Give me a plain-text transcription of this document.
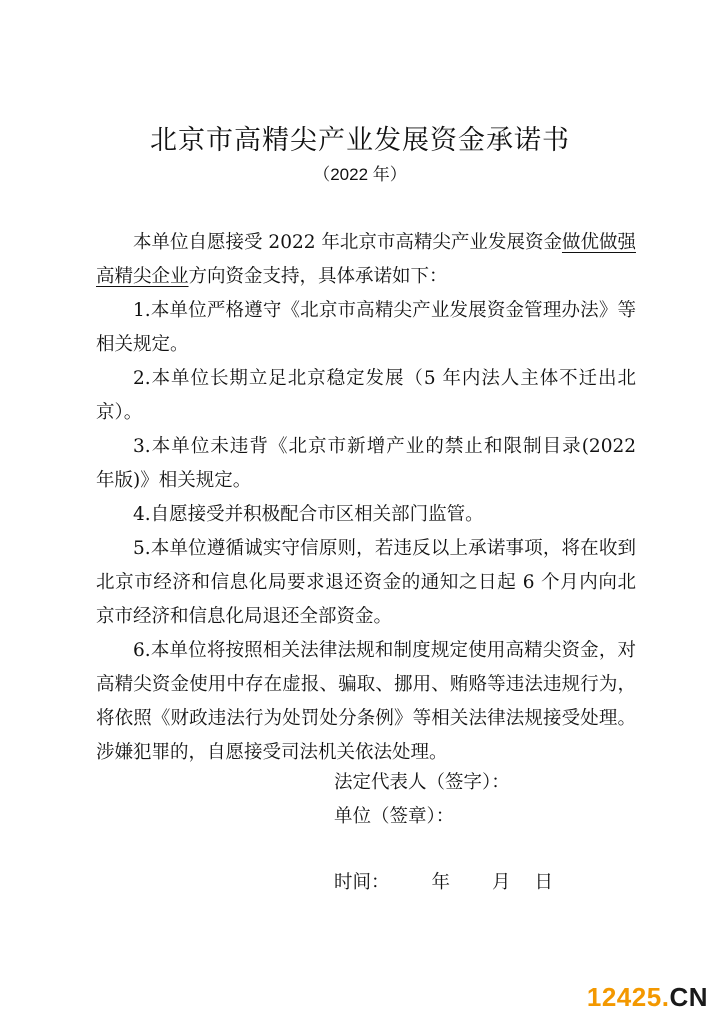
北京市高精尖产业发展资金承诺书
（2022 年）

本单位自愿接受 2022 年北京市高精尖产业发展资金做优做强高精尖企业方向资金支持，具体承诺如下：

1.本单位严格遵守《北京市高精尖产业发展资金管理办法》等相关规定。

2.本单位长期立足北京稳定发展（5 年内法人主体不迁出北京）。

3.本单位未违背《北京市新增产业的禁止和限制目录(2022 年版)》相关规定。

4.自愿接受并积极配合市区相关部门监管。

5.本单位遵循诚实守信原则，若违反以上承诺事项，将在收到北京市经济和信息化局要求退还资金的通知之日起 6 个月内向北京市经济和信息化局退还全部资金。

6.本单位将按照相关法律法规和制度规定使用高精尖资金，对高精尖资金使用中存在虚报、骗取、挪用、贿赂等违法违规行为，将依照《财政违法行为处罚处分条例》等相关法律法规接受处理。涉嫌犯罪的，自愿接受司法机关依法处理。

法定代表人（签字）：
单位（签章）：
时间： 年 月 日
12425.CN
